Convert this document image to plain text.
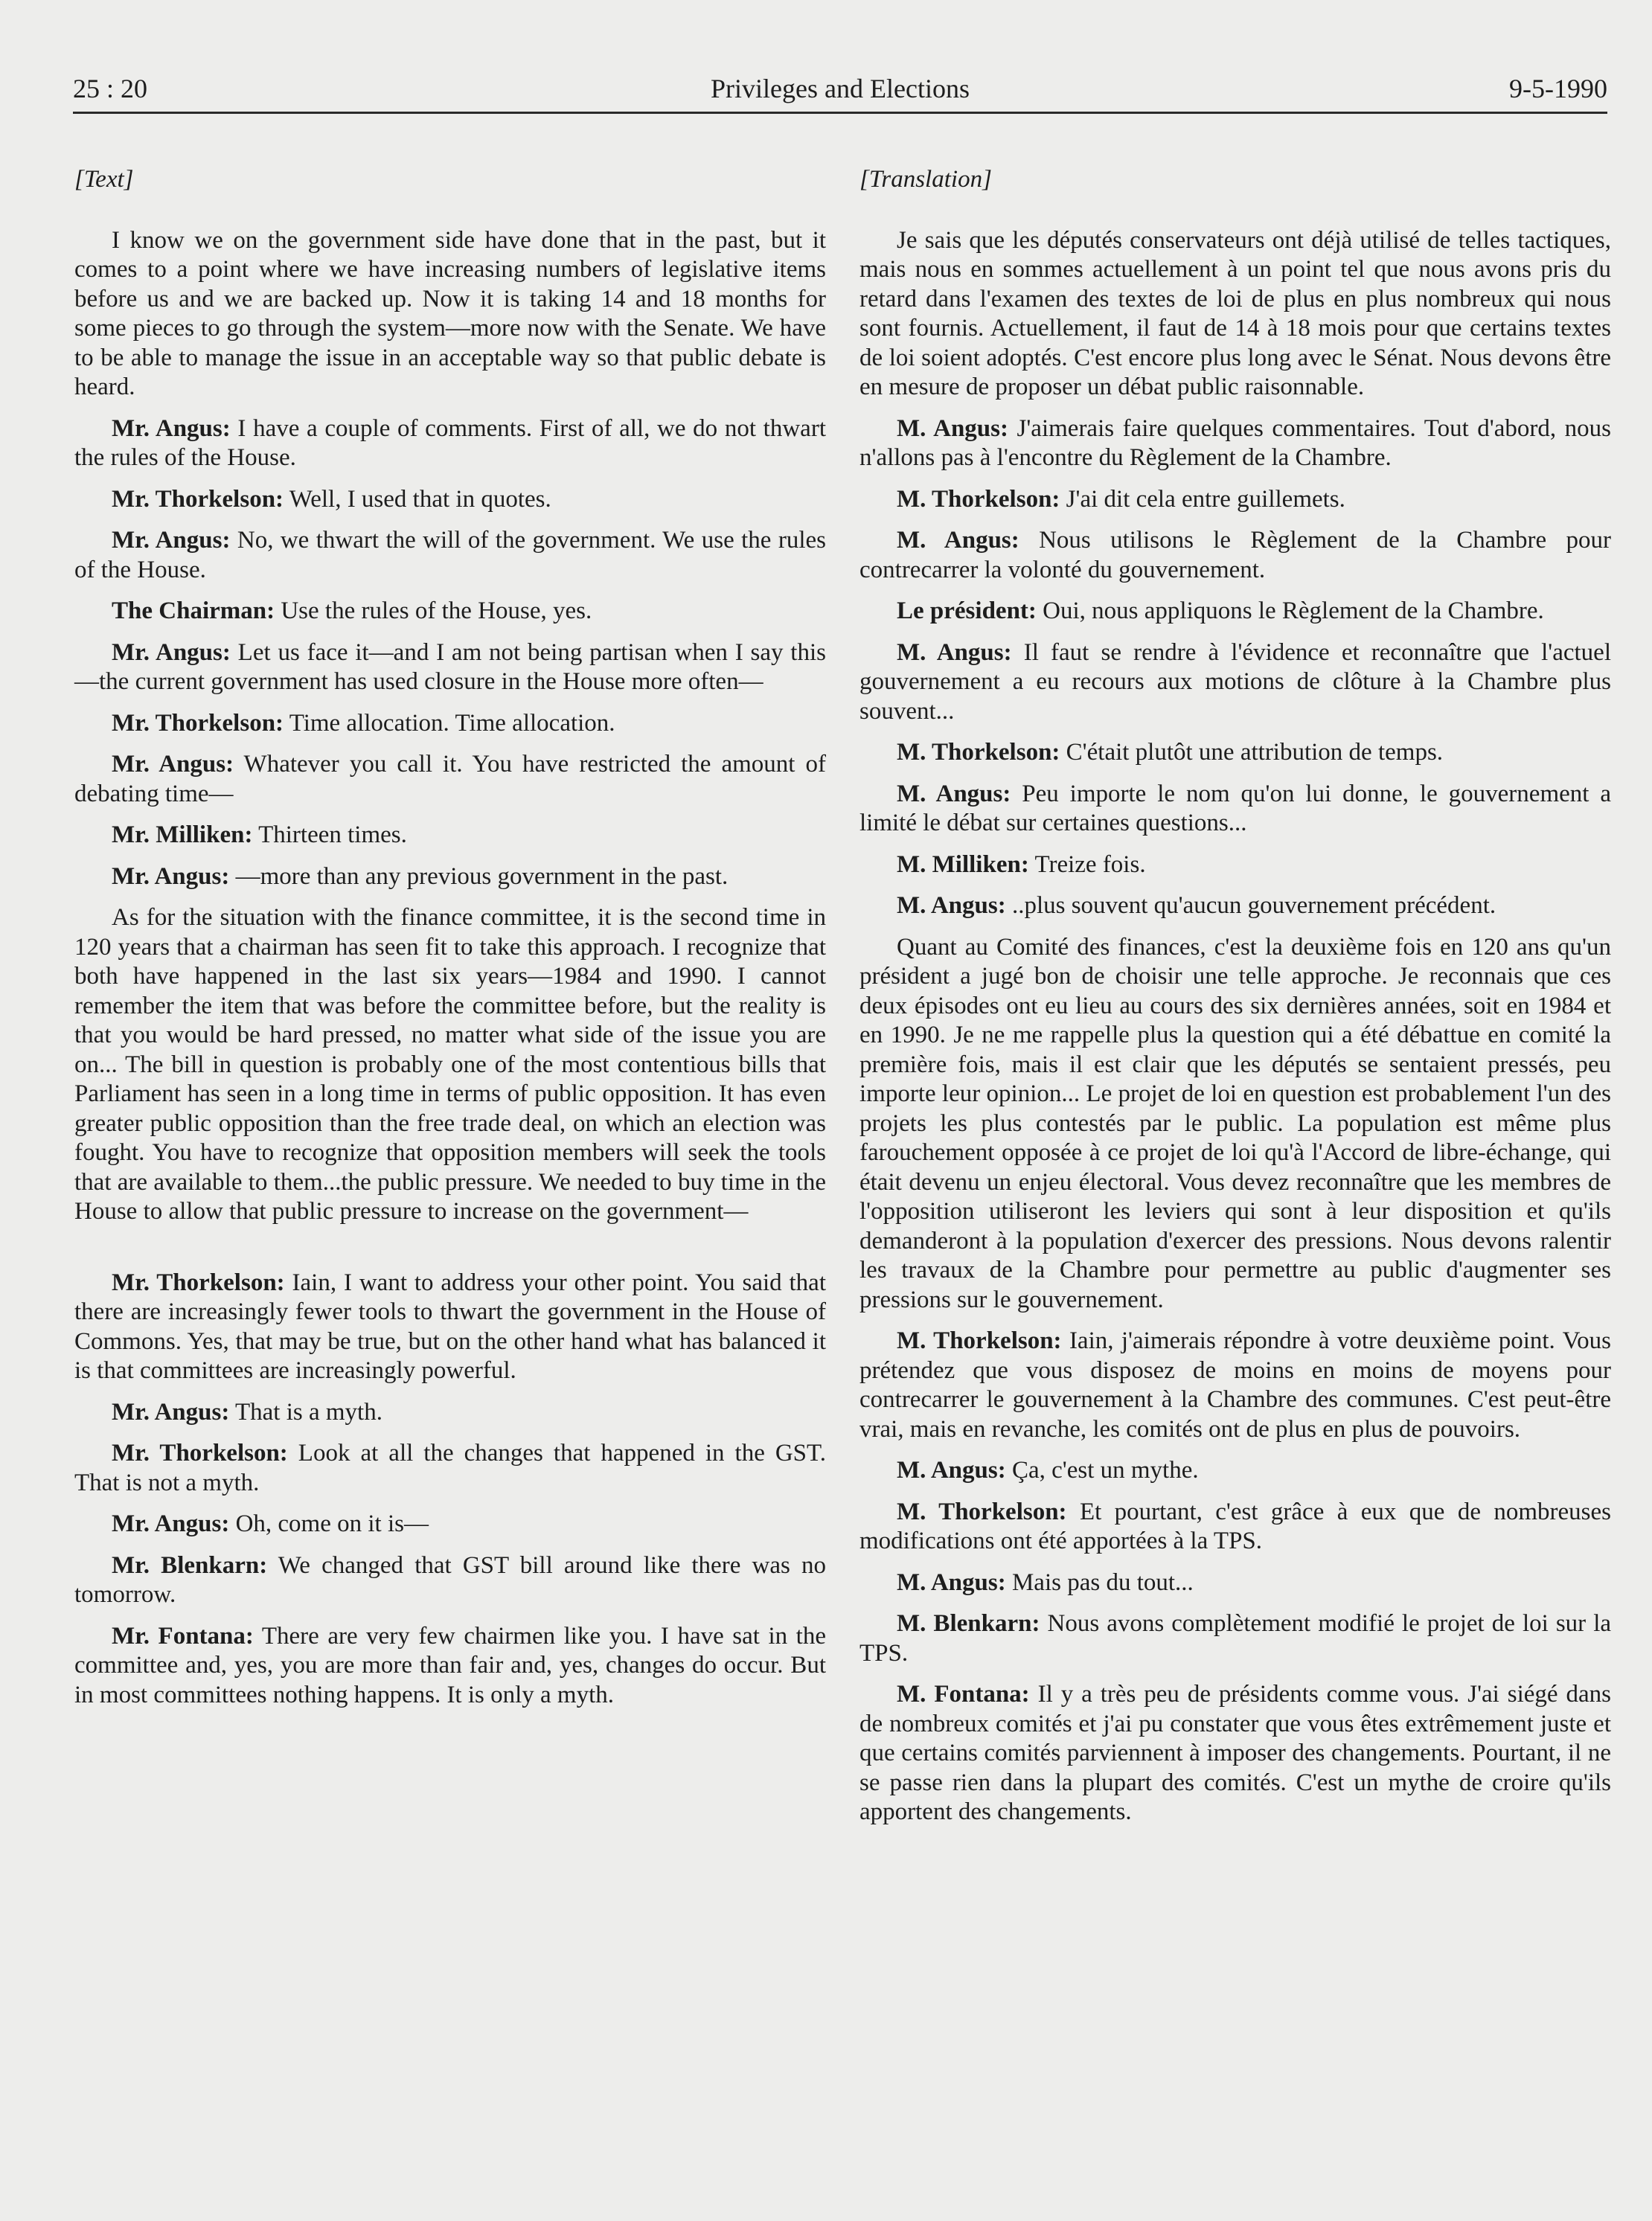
25 : 20	Privileges and Elections	9-5-1990
[Text]

I know we on the government side have done that in the past, but it comes to a point where we have increasing numbers of legislative items before us and we are backed up. Now it is taking 14 and 18 months for some pieces to go through the system—more now with the Senate. We have to be able to manage the issue in an acceptable way so that public debate is heard.

Mr. Angus: I have a couple of comments. First of all, we do not thwart the rules of the House.

Mr. Thorkelson: Well, I used that in quotes.

Mr. Angus: No, we thwart the will of the government. We use the rules of the House.

The Chairman: Use the rules of the House, yes.

Mr. Angus: Let us face it—and I am not being partisan when I say this—the current government has used closure in the House more often—

Mr. Thorkelson: Time allocation. Time allocation.

Mr. Angus: Whatever you call it. You have restricted the amount of debating time—

Mr. Milliken: Thirteen times.

Mr. Angus: —more than any previous government in the past.

As for the situation with the finance committee, it is the second time in 120 years that a chairman has seen fit to take this approach. I recognize that both have happened in the last six years—1984 and 1990. I cannot remember the item that was before the committee before, but the reality is that you would be hard pressed, no matter what side of the issue you are on... The bill in question is probably one of the most contentious bills that Parliament has seen in a long time in terms of public opposition. It has even greater public opposition than the free trade deal, on which an election was fought. You have to recognize that opposition members will seek the tools that are available to them...the public pressure. We needed to buy time in the House to allow that public pressure to increase on the government—

Mr. Thorkelson: Iain, I want to address your other point. You said that there are increasingly fewer tools to thwart the government in the House of Commons. Yes, that may be true, but on the other hand what has balanced it is that committees are increasingly powerful.

Mr. Angus: That is a myth.

Mr. Thorkelson: Look at all the changes that happened in the GST. That is not a myth.

Mr. Angus: Oh, come on it is—

Mr. Blenkarn: We changed that GST bill around like there was no tomorrow.

Mr. Fontana: There are very few chairmen like you. I have sat in the committee and, yes, you are more than fair and, yes, changes do occur. But in most committees nothing happens. It is only a myth.

[Translation]

Je sais que les députés conservateurs ont déjà utilisé de telles tactiques, mais nous en sommes actuellement à un point tel que nous avons pris du retard dans l'examen des textes de loi de plus en plus nombreux qui nous sont fournis. Actuellement, il faut de 14 à 18 mois pour que certains textes de loi soient adoptés. C'est encore plus long avec le Sénat. Nous devons être en mesure de proposer un débat public raisonnable.

M. Angus: J'aimerais faire quelques commentaires. Tout d'abord, nous n'allons pas à l'encontre du Règlement de la Chambre.

M. Thorkelson: J'ai dit cela entre guillemets.

M. Angus: Nous utilisons le Règlement de la Chambre pour contrecarrer la volonté du gouvernement.

Le président: Oui, nous appliquons le Règlement de la Chambre.

M. Angus: Il faut se rendre à l'évidence et reconnaître que l'actuel gouvernement a eu recours aux motions de clôture à la Chambre plus souvent...

M. Thorkelson: C'était plutôt une attribution de temps.

M. Angus: Peu importe le nom qu'on lui donne, le gouvernement a limité le débat sur certaines questions...

M. Milliken: Treize fois.

M. Angus: ..plus souvent qu'aucun gouvernement précédent.

Quant au Comité des finances, c'est la deuxième fois en 120 ans qu'un président a jugé bon de choisir une telle approche. Je reconnais que ces deux épisodes ont eu lieu au cours des six dernières années, soit en 1984 et en 1990. Je ne me rappelle plus la question qui a été débattue en comité la première fois, mais il est clair que les députés se sentaient pressés, peu importe leur opinion... Le projet de loi en question est probablement l'un des projets les plus contestés par le public. La population est même plus farouchement opposée à ce projet de loi qu'à l'Accord de libre-échange, qui était devenu un enjeu électoral. Vous devez reconnaître que les membres de l'opposition utiliseront les leviers qui sont à leur disposition et qu'ils demanderont à la population d'exercer des pressions. Nous devons ralentir les travaux de la Chambre pour permettre au public d'augmenter ses pressions sur le gouvernement.

M. Thorkelson: Iain, j'aimerais répondre à votre deuxième point. Vous prétendez que vous disposez de moins en moins de moyens pour contrecarrer le gouvernement à la Chambre des communes. C'est peut-être vrai, mais en revanche, les comités ont de plus en plus de pouvoirs.

M. Angus: Ça, c'est un mythe.

M. Thorkelson: Et pourtant, c'est grâce à eux que de nombreuses modifications ont été apportées à la TPS.

M. Angus: Mais pas du tout...

M. Blenkarn: Nous avons complètement modifié le projet de loi sur la TPS.

M. Fontana: Il y a très peu de présidents comme vous. J'ai siégé dans de nombreux comités et j'ai pu constater que vous êtes extrêmement juste et que certains comités parviennent à imposer des changements. Pourtant, il ne se passe rien dans la plupart des comités. C'est un mythe de croire qu'ils apportent des changements.
